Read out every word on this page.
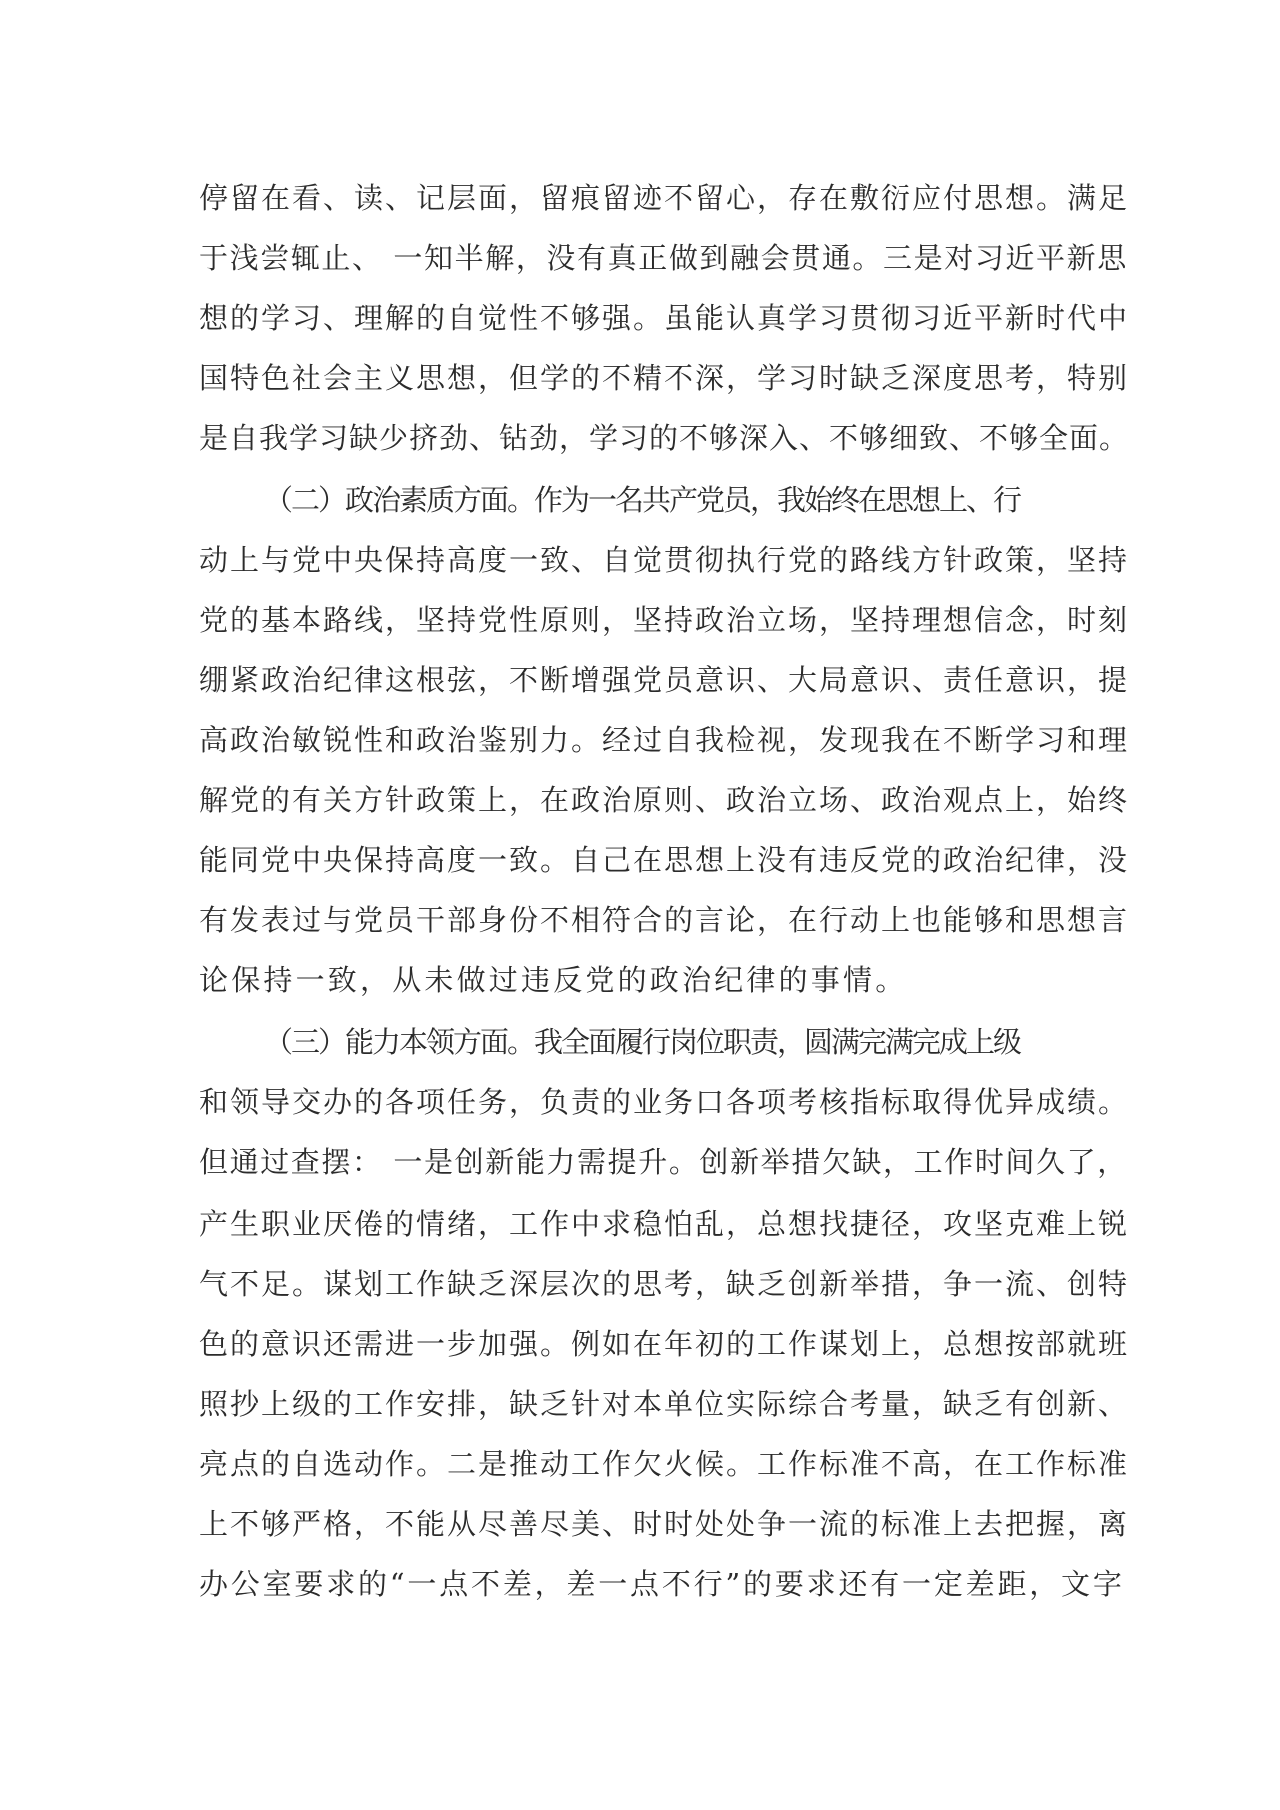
停留在看、读、记层面，留痕留迹不留心，存在敷衍应付思想。满足
于浅尝辄止、 一知半解，没有真正做到融会贯通。三是对习近平新思
想的学习、理解的自觉性不够强。虽能认真学习贯彻习近平新时代中
国特色社会主义思想，但学的不精不深，学习时缺乏深度思考，特别
是自我学习缺少挤劲、钻劲，学习的不够深入、不够细致、不够全面。
（二）政治素质方面。作为一名共产党员，我始终在思想上、行
动上与党中央保持高度一致、自觉贯彻执行党的路线方针政策，坚持
党的基本路线，坚持党性原则，坚持政治立场，坚持理想信念，时刻
绷紧政治纪律这根弦，不断增强党员意识、大局意识、责任意识，提
高政治敏锐性和政治鉴别力。经过自我检视，发现我在不断学习和理
解党的有关方针政策上，在政治原则、政治立场、政治观点上，始终
能同党中央保持高度一致。自己在思想上没有违反党的政治纪律，没
有发表过与党员干部身份不相符合的言论，在行动上也能够和思想言
论保持一致，从未做过违反党的政治纪律的事情。
（三）能力本领方面。我全面履行岗位职责，圆满完满完成上级
和领导交办的各项任务，负责的业务口各项考核指标取得优异成绩。
但通过查摆： 一是创新能力需提升。创新举措欠缺，工作时间久了，
产生职业厌倦的情绪，工作中求稳怕乱，总想找捷径，攻坚克难上锐
气不足。谋划工作缺乏深层次的思考，缺乏创新举措，争一流、创特
色的意识还需进一步加强。例如在年初的工作谋划上，总想按部就班
照抄上级的工作安排，缺乏针对本单位实际综合考量，缺乏有创新、
亮点的自选动作。二是推动工作欠火候。工作标准不高，在工作标准
上不够严格，不能从尽善尽美、时时处处争一流的标准上去把握，离
办公室要求的“一点不差，差一点不行”的要求还有一定差距，文字
